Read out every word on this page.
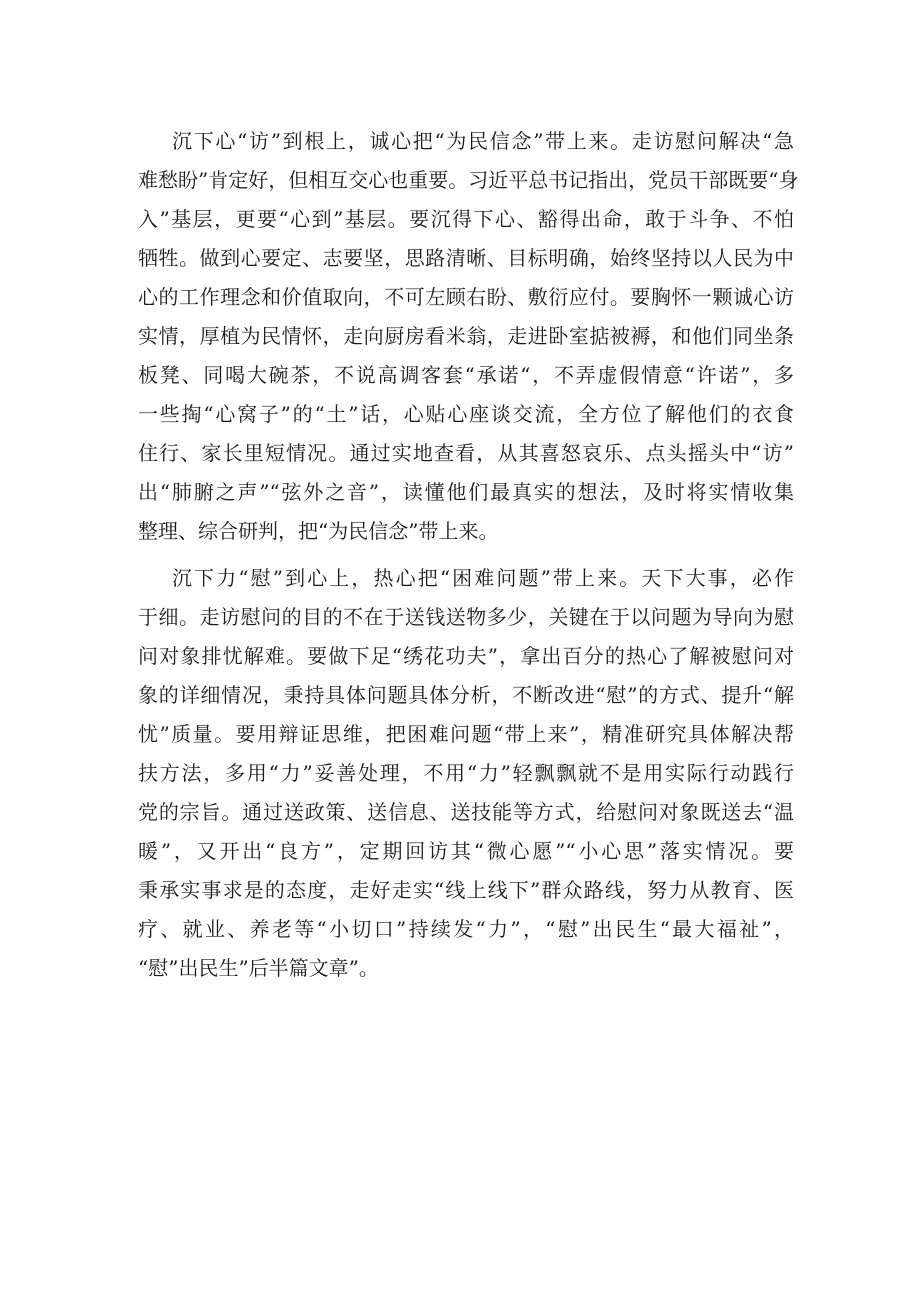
沉下心“访”到根上，诚心把“为民信念”带上来。走访慰问解决“急
难愁盼”肯定好，但相互交心也重要。习近平总书记指出，党员干部既要“身
入”基层，更要“心到”基层。要沉得下心、豁得出命，敢于斗争、不怕
牺牲。做到心要定、志要坚，思路清晰、目标明确，始终坚持以人民为中
心的工作理念和价值取向，不可左顾右盼、敷衍应付。要胸怀一颗诚心访
实情，厚植为民情怀，走向厨房看米翁，走进卧室掂被褥，和他们同坐条
板凳、同喝大碗茶，不说高调客套“承诺“，不弄虚假情意“许诺”，多
一些掏“心窝子”的“土”话，心贴心座谈交流，全方位了解他们的衣食
住行、家长里短情况。通过实地查看，从其喜怒哀乐、点头摇头中“访”
出“肺腑之声”“弦外之音”，读懂他们最真实的想法，及时将实情收集
整理、综合研判，把“为民信念”带上来。
沉下力“慰”到心上，热心把“困难问题”带上来。天下大事，必作
于细。走访慰问的目的不在于送钱送物多少，关键在于以问题为导向为慰
问对象排忧解难。要做下足“绣花功夫”，拿出百分的热心了解被慰问对
象的详细情况，秉持具体问题具体分析，不断改进“慰”的方式、提升“解
忧”质量。要用辩证思维，把困难问题“带上来”，精准研究具体解决帮
扶方法，多用“力”妥善处理，不用“力”轻飘飘就不是用实际行动践行
党的宗旨。通过送政策、送信息、送技能等方式，给慰问对象既送去“温
暖”，又开出“良方”，定期回访其“微心愿”“小心思”落实情况。要
秉承实事求是的态度，走好走实“线上线下”群众路线，努力从教育、医
疗、就业、养老等“小切口”持续发“力”，“慰”出民生“最大福祉”，
“慰”出民生”后半篇文章”。
